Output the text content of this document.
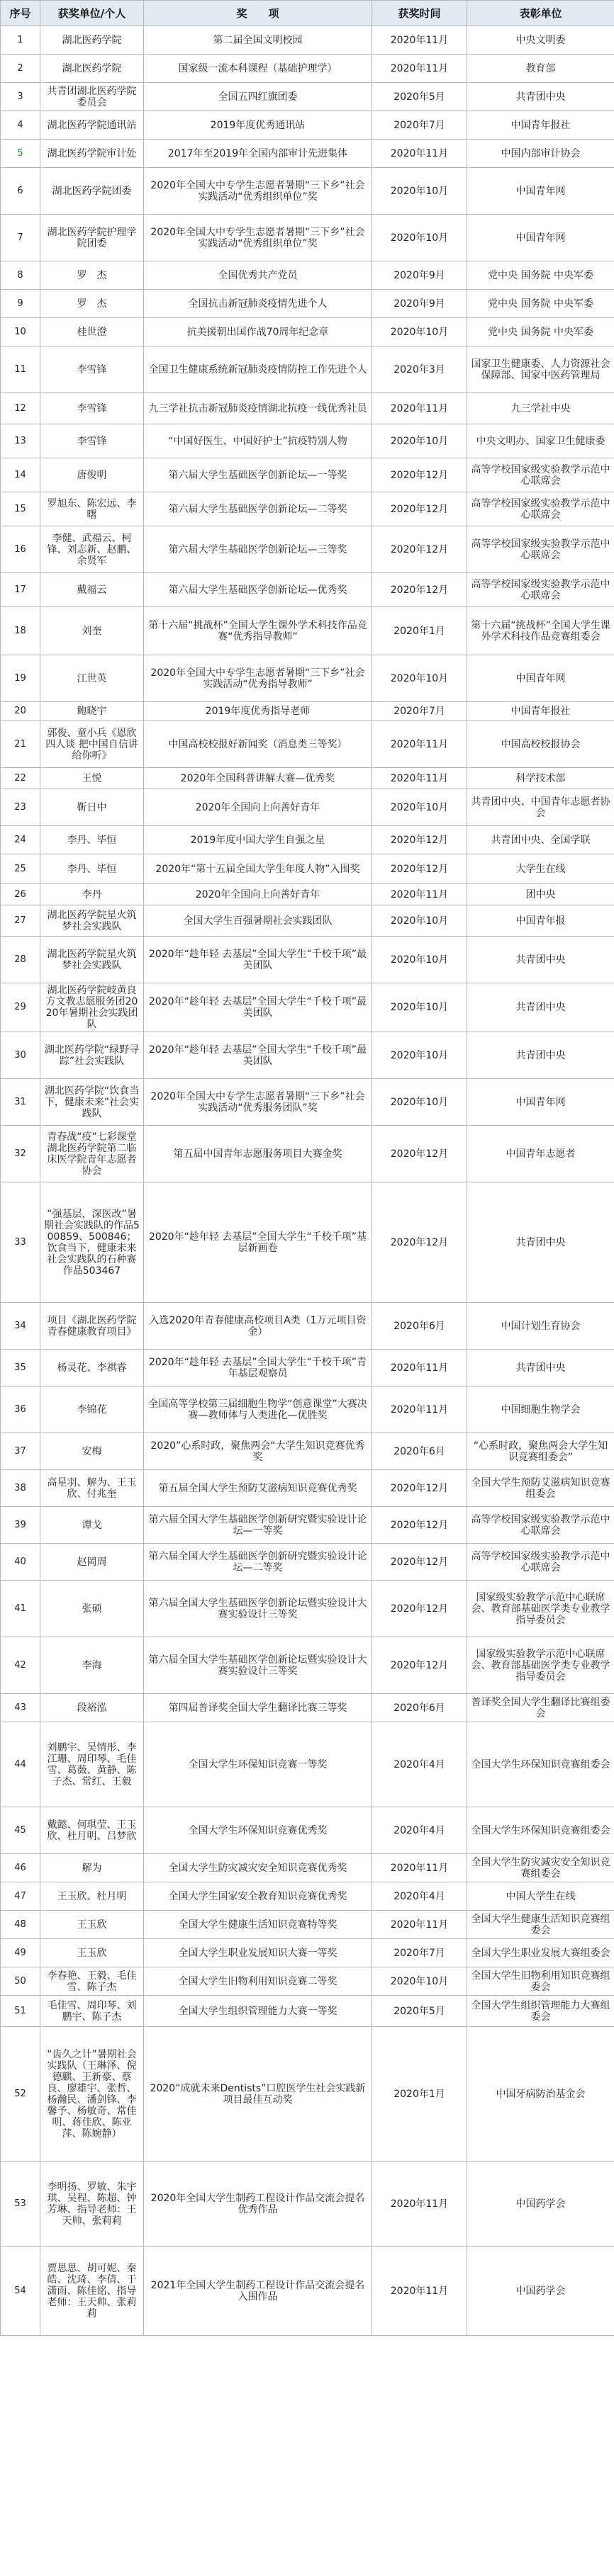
序号	获奖单位/个人	奖　　项	获奖时间	表彰单位
1	湖北医药学院	第二届全国文明校园	2020年11月	中央文明委
2	湖北医药学院	国家级一流本科课程（基础护理学）	2020年11月	教育部
3	共青团湖北医药学院委员会	全国五四红旗团委	2020年5月	共青团中央
4	湖北医药学院通讯站	2019年度优秀通讯站	2020年7月	中国青年报社
5	湖北医药学院审计处	2017年至2019年全国内部审计先进集体	2020年11月	中国内部审计协会
6	湖北医药学院团委	2020年全国大中专学生志愿者暑期“三下乡”社会实践活动“优秀组织单位”奖	2020年10月	中国青年网
7	湖北医药学院护理学院团委	2020年全国大中专学生志愿者暑期“三下乡”社会实践活动“优秀组织单位”奖	2020年10月	中国青年网
8	罗　杰	全国优秀共产党员	2020年9月	党中央 国务院 中央军委
9	罗　杰	全国抗击新冠肺炎疫情先进个人	2020年9月	党中央 国务院 中央军委
10	桂世澄	抗美援朝出国作战70周年纪念章	2020年10月	党中央 国务院 中央军委
11	李雪锋	全国卫生健康系统新冠肺炎疫情防控工作先进个人	2020年3月	国家卫生健康委、人力资源社会保障部、国家中医药管理局
12	李雪锋	九三学社抗击新冠肺炎疫情湖北抗疫一线优秀社员	2020年11月	九三学社中央
13	李雪锋	“中国好医生、中国好护士”抗疫特别人物	2020年10月	中央文明办、国家卫生健康委
14	唐俊明	第六届大学生基础医学创新论坛—一等奖	2020年12月	高等学校国家级实验教学示范中心联席会
15	罗旭东、陈宏远、李曙	第六届大学生基础医学创新论坛—二等奖	2020年12月	高等学校国家级实验教学示范中心联席会
16	李健、武福云、柯锋、刘志新、赵鹏、余贤军	第六届大学生基础医学创新论坛—三等奖	2020年12月	高等学校国家级实验教学示范中心联席会
17	戴福云	第六届大学生基础医学创新论坛—优秀奖	2020年12月	高等学校国家级实验教学示范中心联席会
18	刘奎	第十六届“挑战杯”全国大学生课外学术科技作品竞赛“优秀指导教师”	2020年1月	第十六届“挑战杯”全国大学生课外学术科技作品竞赛组委会
19	江世英	2020年全国大中专学生志愿者暑期“三下乡”社会实践活动“优秀指导教师”	2020年10月	中国青年网
20	鲍晓宇	2019年度优秀指导老师	2020年7月	中国青年报社
21	郭俊、童小兵《恩欣四人谈 把中国自信讲给你听》	中国高校校报好新闻奖（消息类三等奖）	2020年11月	中国高校校报协会
22	王悦	2020年全国科普讲解大赛—优秀奖	2020年11月	科学技术部
23	靳日中	2020年全国向上向善好青年	2020年10月	共青团中央、中国青年志愿者协会
24	李丹、毕恒	2019年度中国大学生自强之星	2020年12月	共青团中央、全国学联
25	李丹、毕恒	2020年“第十五届全国大学生年度人物”入围奖	2020年12月	大学生在线
26	李丹	2020年全国向上向善好青年	2020年11月	团中央
27	湖北医药学院星火筑梦社会实践队	全国大学生百强暑期社会实践团队	2020年10月	中国青年报
28	湖北医药学院星火筑梦社会实践队	2020年“趁年轻 去基层”全国大学生“千校千项”最美团队	2020年10月	共青团中央
29	湖北医药学院岐黄良方文教志愿服务团2020年暑期社会实践团队	2020年“趁年轻 去基层”全国大学生“千校千项”最美团队	2020年10月	共青团中央
30	湖北医药学院“绿野寻踪”社会实践队	2020年“趁年轻 去基层”全国大学生“千校千项”最美团队	2020年10月	共青团中央
31	湖北医药学院“饮食当下，健康未来”社会实践队	2020年全国大中专学生志愿者暑期“三下乡”社会实践活动“优秀服务团队”奖	2020年10月	中国青年网
32	青春战“疫”七彩课堂 湖北医药学院第二临床医学院青年志愿者协会	第五届中国青年志愿服务项目大赛金奖	2020年12月	中国青年志愿者
33	“强基层，深医改”暑期社会实践队的作品500859、500846；饮食当下，健康未来社会实践队的石种赛作品503467	2020年“趁年轻 去基层”全国大学生“千校千项”基层新画卷	2020年12月	共青团中央
34	项目《湖北医药学院青春健康教育项目》	入选2020年青春健康高校项目A类（1万元项目资金）	2020年6月	中国计划生育协会
35	杨灵花、李祺睿	2020年“趁年轻 去基层”全国大学生“千校千项”青年基层观察员	2020年11月	共青团中央
36	李锦花	全国高等学校第三届细胞生物学“创意课堂”大赛决赛—教师体与人类进化—优胜奖	2020年11月	中国细胞生物学会
37	安梅	2020”心系时政，聚焦两会“大学生知识竞赛优秀奖	2020年6月	“心系时政，聚焦两会大学生知识竞赛组委会”
38	高星羽、解为、王玉欣、付兆奎	第五届全国大学生预防艾滋病知识竞赛优秀奖	2020年12月	全国大学生预防艾滋病知识竞赛组委会
39	谭戈	第六届全国大学生基础医学创新研究暨实验设计论坛—一等奖	2020年12月	高等学校国家级实验教学示范中心联席会
40	赵岡周	第六届全国大学生基础医学创新研究暨实验设计论坛—二等奖	2020年12月	高等学校国家级实验教学示范中心联席会
41	张硕	第六届全国大学生基础医学创新论坛暨实验设计大赛实验设计三等奖	2020年12月	国家级实验教学示范中心联席会、教育部基础医学类专业教学指导委员会
42	李海	第六届全国大学生基础医学创新论坛暨实验设计大赛实验设计三等奖	2020年12月	国家级实验教学示范中心联席会、教育部基础医学类专业教学指导委员会
43	段裕泓	第四届普译奖全国大学生翻译比赛三等奖	2020年6月	普译奖全国大学生翻译比赛组委会
44	刘鹏宇、吴情彤、李江珊、周印琴、毛佳雪、葛薇、黄静、陈子杰、常红、王毅	全国大学生环保知识竞赛一等奖	2020年4月	全国大学生环保知识竞赛组委会
45	戴懿、何琪莹、王玉欣、杜月明、吕梦欣	全国大学生环保知识竞赛优秀奖	2020年4月	全国大学生环保知识竞赛组委会
46	解为	全国大学生防灾减灾安全知识竞赛优秀奖	2020年11月	全国大学生防灾减灾安全知识竞赛组委会
47	王玉欣、杜月明	全国大学生国家安全教育知识竞赛优秀奖	2020年4月	中国大学生在线
48	王玉欣	全国大学生健康生活知识竞赛特等奖	2020年11月	全国大学生健康生活知识竞赛组委会
49	王玉欣	全国大学生职业发展知识大赛一等奖	2020年7月	全国大学生职业发展大赛组委会
50	李春艳、王毅、毛佳雪、陈子杰	全国大学生旧物利用知识竞赛二等奖	2020年10月	全国大学生旧物利用知识竞赛组委会
51	毛佳雪、周印琴、刘鹏宇、陈子杰	全国大学生组织管理能力大赛一等奖	2020年5月	全国大学生组织管理能力大赛组委会
52	“齿久之计”暑期社会实践队（王琳泽、倪德麒、王新豪、蔡良、廖雄宇、张哲、杨瀚民、潘剑锋、李馨予、杨敏奇、常佳明、蒋佳欣、陈亚萍、陈婉静）	2020“成就未来Dentists”口腔医学生社会实践新项目最佳互动奖	2020年1月	中国牙病防治基金会
53	李明扬、罗敏、朱宇琪、吴程、陈超、钟芳琳、指导老师：王天帅、张莉莉	2020年全国大学生制药工程设计作品交流会提名优秀作品	2020年11月	中国药学会
54	贾思思、胡可妮、秦皓、沈琦、李倩、于潇雨、陈佳铭、指导老师：王天帅、张莉莉	2021年全国大学生制药工程设计作品交流会提名入围作品	2020年11月	中国药学会
